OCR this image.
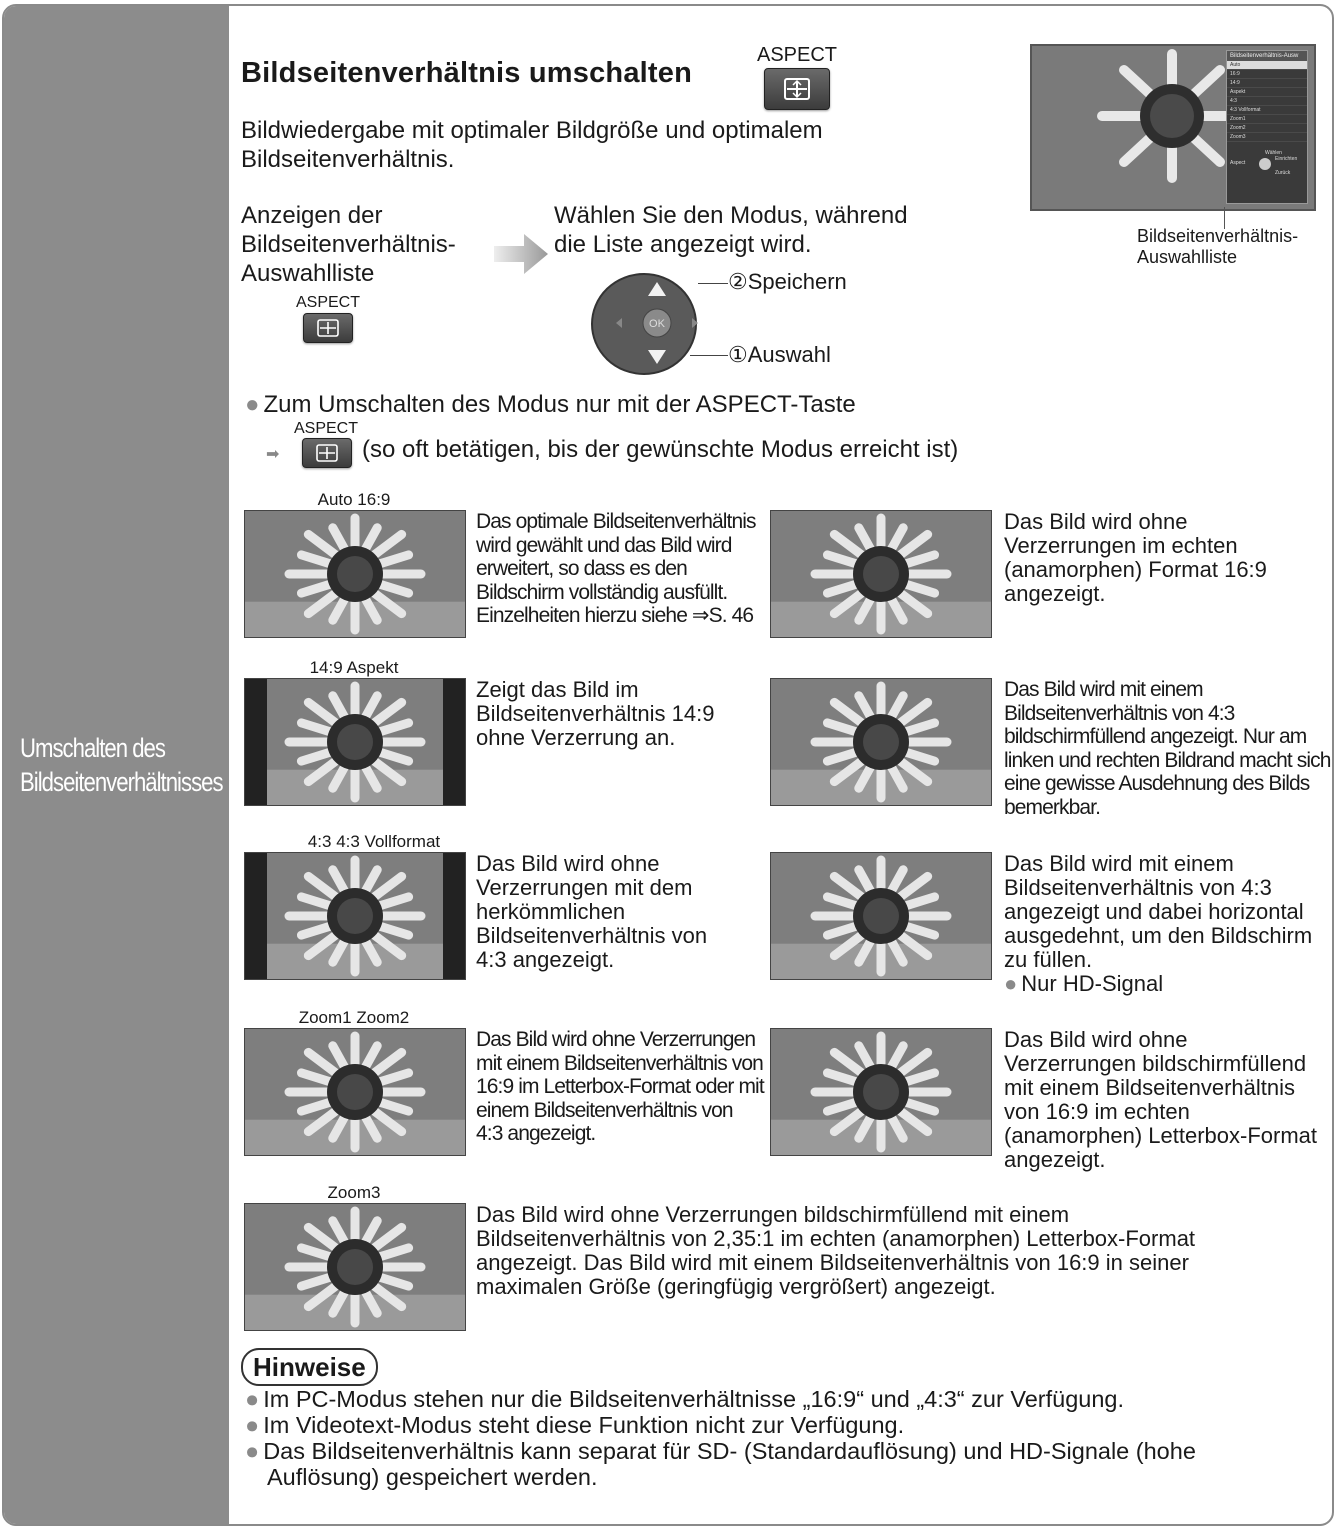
Umschalten des
Bildseitenverhältnisses
Bildseitenverhältnis umschalten
ASPECT
Bildwiedergabe mit optimaler Bildgröße und optimalem
Bildseitenverhältnis.
Bildseitenverhältnis-Ausw
Auto
16:9
14:9
Aspekt
4:3
4:3 Vollformat
Zoom1
Zoom2
Zoom3
Aspect
Wählen
Einrichten
Zurück
Bildseitenverhältnis-
Auswahlliste
Anzeigen der
Bildseitenverhältnis-
Auswahlliste
ASPECT
Wählen Sie den Modus, während
die Liste angezeigt wird.
OK
②Speichern
①Auswahl
● Zum Umschalten des Modus nur mit der ASPECT-Taste
ASPECT
➡	(so oft betätigen, bis der gewünschte Modus erreicht ist)
Auto 16:9
Das optimale Bildseitenverhältnis
wird gewählt und das Bild wird
erweitert, so dass es den
Bildschirm vollständig ausfüllt.
Einzelheiten hierzu siehe ⇒S. 46
Das Bild wird ohne
Verzerrungen im echten
(anamorphen) Format 16:9
angezeigt.
14:9 Aspekt
Zeigt das Bild im
Bildseitenverhältnis 14:9
ohne Verzerrung an.
Das Bild wird mit einem
Bildseitenverhältnis von 4:3
bildschirmfüllend angezeigt. Nur am
linken und rechten Bildrand macht sich
eine gewisse Ausdehnung des Bilds
bemerkbar.
4:3 4:3 Vollformat
Das Bild wird ohne
Verzerrungen mit dem
herkömmlichen
Bildseitenverhältnis von
4:3 angezeigt.
Das Bild wird mit einem
Bildseitenverhältnis von 4:3
angezeigt und dabei horizontal
ausgedehnt, um den Bildschirm
zu füllen.
● Nur HD-Signal
Zoom1 Zoom2
Das Bild wird ohne Verzerrungen
mit einem Bildseitenverhältnis von
16:9 im Letterbox-Format oder mit
einem Bildseitenverhältnis von
4:3 angezeigt.
Das Bild wird ohne
Verzerrungen bildschirmfüllend
mit einem Bildseitenverhältnis
von 16:9 im echten
(anamorphen) Letterbox-Format
angezeigt.
Zoom3
Das Bild wird ohne Verzerrungen bildschirmfüllend mit einem
Bildseitenverhältnis von 2,35:1 im echten (anamorphen) Letterbox-Format
angezeigt. Das Bild wird mit einem Bildseitenverhältnis von 16:9 in seiner
maximalen Größe (geringfügig vergrößert) angezeigt.
Hinweise
● Im PC-Modus stehen nur die Bildseitenverhältnisse „16:9“ und „4:3“ zur Verfügung.
● Im Videotext-Modus steht diese Funktion nicht zur Verfügung.
● Das Bildseitenverhältnis kann separat für SD- (Standardauflösung) und HD-Signale (hohe
Auflösung) gespeichert werden.
